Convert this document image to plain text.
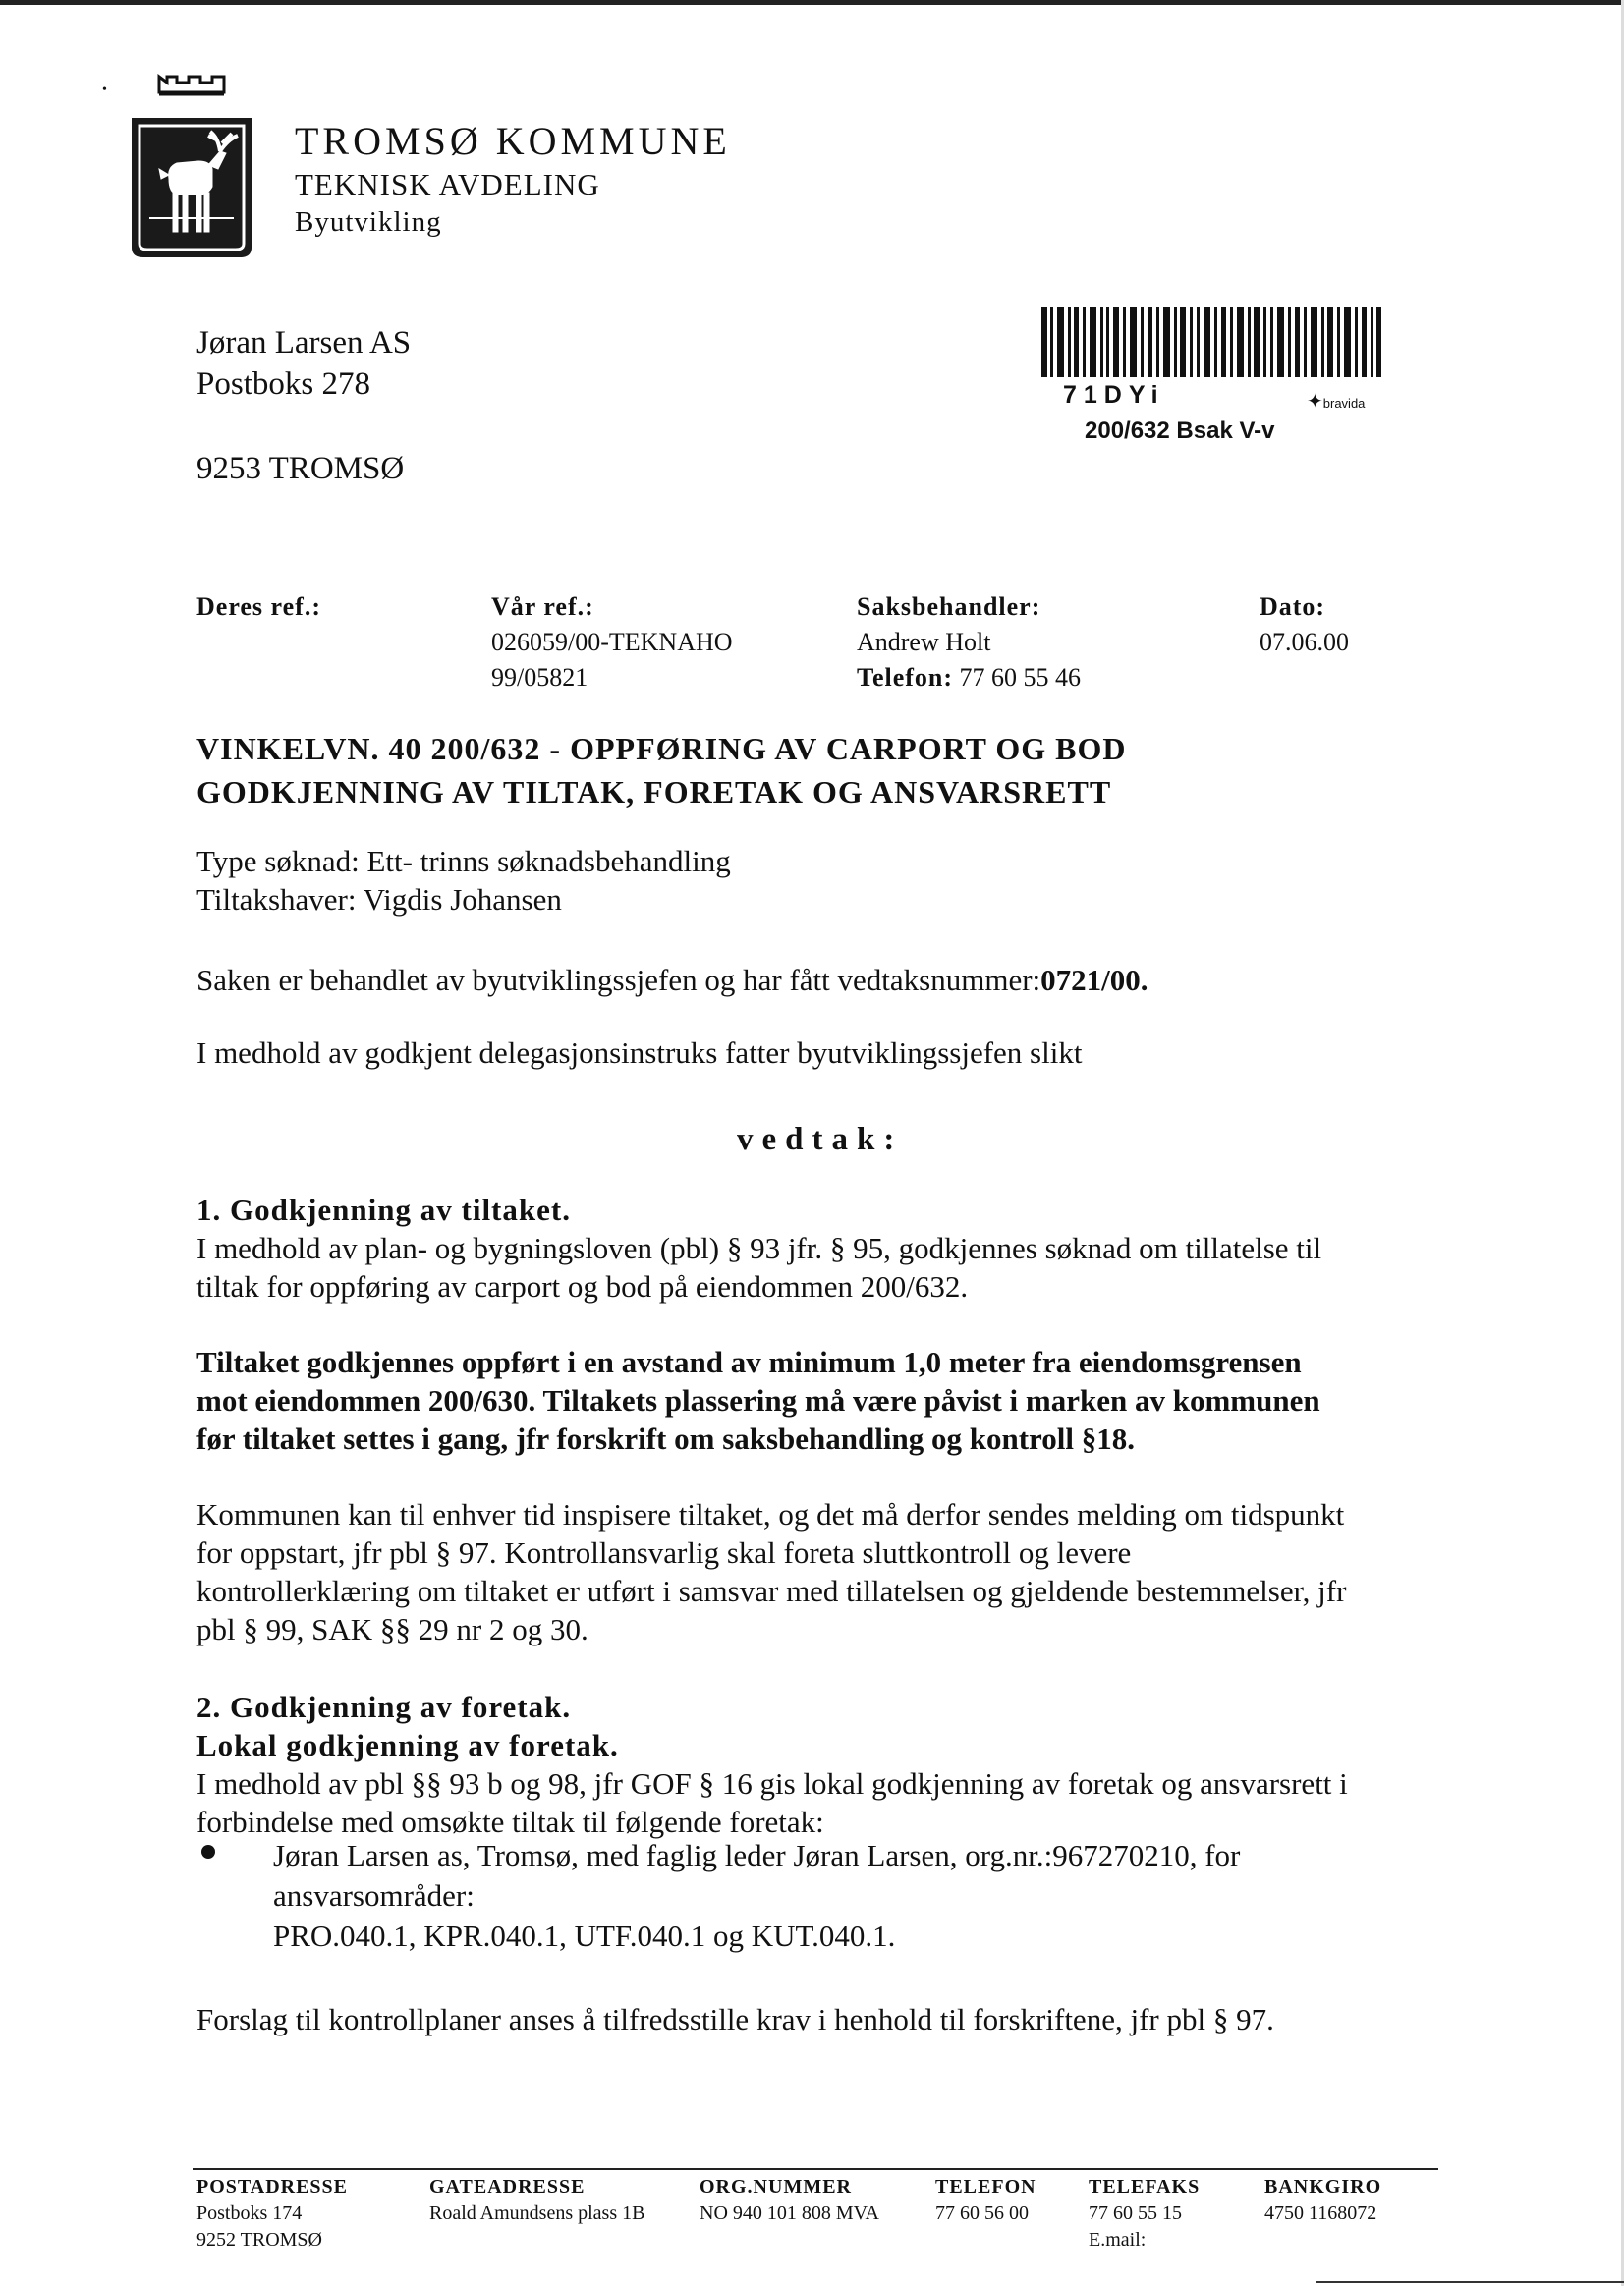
•
TROMSØ KOMMUNE
TEKNISK AVDELING
Byutvikling
Jøran Larsen AS
Postboks 278
9253 TROMSØ
71DYi	✦bravida
200/632 Bsak V-v
Deres ref.:	Vår ref.:
026059/00-TEKNAHO
99/05821
Saksbehandler:
Andrew Holt
Telefon: 77 60 55 46
Dato:
07.06.00
VINKELVN. 40 200/632 - OPPFØRING AV CARPORT OG BOD
GODKJENNING AV TILTAK, FORETAK OG ANSVARSRETT
Type søknad: Ett- trinns søknadsbehandling
Tiltakshaver: Vigdis Johansen
Saken er behandlet av byutviklingssjefen og har fått vedtaksnummer:0721/00.
I medhold av godkjent delegasjonsinstruks fatter byutviklingssjefen slikt
vedtak:
1. Godkjenning av tiltaket.
I medhold av plan- og bygningsloven (pbl) § 93 jfr. § 95, godkjennes søknad om tillatelse til
tiltak for oppføring av carport og bod på eiendommen 200/632.
Tiltaket godkjennes oppført i en avstand av minimum 1,0 meter fra eiendomsgrensen
mot eiendommen 200/630. Tiltakets plassering må være påvist i marken av kommunen
før tiltaket settes i gang, jfr forskrift om saksbehandling og kontroll §18.
Kommunen kan til enhver tid inspisere tiltaket, og det må derfor sendes melding om tidspunkt
for oppstart, jfr pbl § 97. Kontrollansvarlig skal foreta sluttkontroll og levere
kontrollerklæring om tiltaket er utført i samsvar med tillatelsen og gjeldende bestemmelser, jfr
pbl § 99, SAK §§ 29 nr 2 og 30.
2. Godkjenning av foretak.
Lokal godkjenning av foretak.
I medhold av pbl §§ 93 b og 98, jfr GOF § 16 gis lokal godkjenning av foretak og ansvarsrett i
forbindelse med omsøkte tiltak til følgende foretak:
Jøran Larsen as, Tromsø, med faglig leder Jøran Larsen, org.nr.:967270210, for
ansvarsområder:
PRO.040.1, KPR.040.1, UTF.040.1 og KUT.040.1.
Forslag til kontrollplaner anses å tilfredsstille krav i henhold til forskriftene, jfr pbl § 97.
POSTADRESSE
Postboks 174
9252 TROMSØ
GATEADRESSE
Roald Amundsens plass 1B
ORG.NUMMER
NO 940 101 808 MVA
TELEFON
77 60 56 00
TELEFAKS
77 60 55 15
E.mail:
BANKGIRO
4750 1168072
